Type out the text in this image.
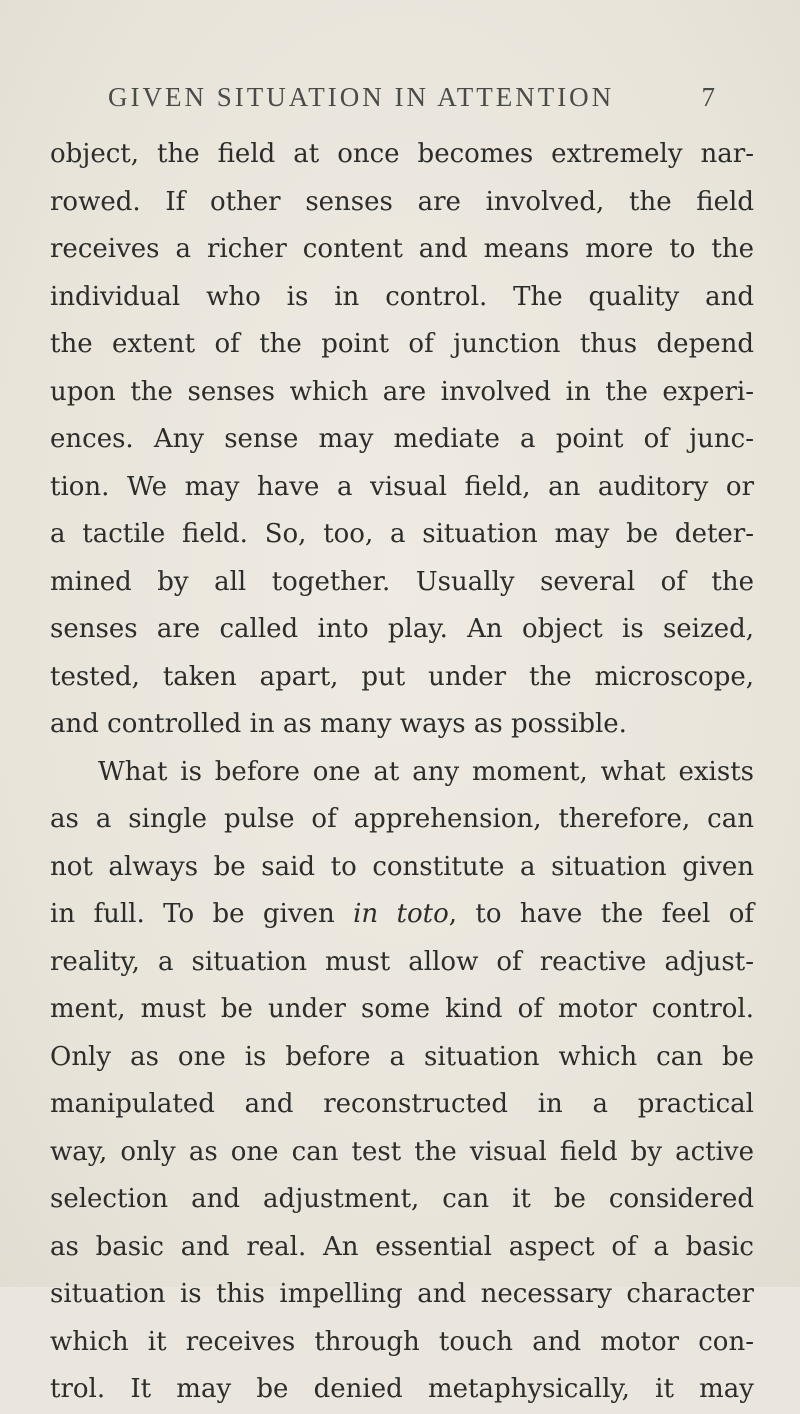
GIVEN SITUATION IN ATTENTION	7
object, the field at once becomes extremely nar-
rowed. If other senses are involved, the field
receives a richer content and means more to the
individual who is in control. The quality and
the extent of the point of junction thus depend
upon the senses which are involved in the experi-
ences. Any sense may mediate a point of junc-
tion. We may have a visual field, an auditory or
a tactile field. So, too, a situation may be deter-
mined by all together. Usually several of the
senses are called into play. An object is seized,
tested, taken apart, put under the microscope,
and controlled in as many ways as possible.
What is before one at any moment, what exists
as a single pulse of apprehension, therefore, can
not always be said to constitute a situation given
in full. To be given in toto, to have the feel of
reality, a situation must allow of reactive adjust-
ment, must be under some kind of motor control.
Only as one is before a situation which can be
manipulated and reconstructed in a practical
way, only as one can test the visual field by active
selection and adjustment, can it be considered
as basic and real. An essential aspect of a basic
situation is this impelling and necessary character
which it receives through touch and motor con-
trol. It may be denied metaphysically, it may
